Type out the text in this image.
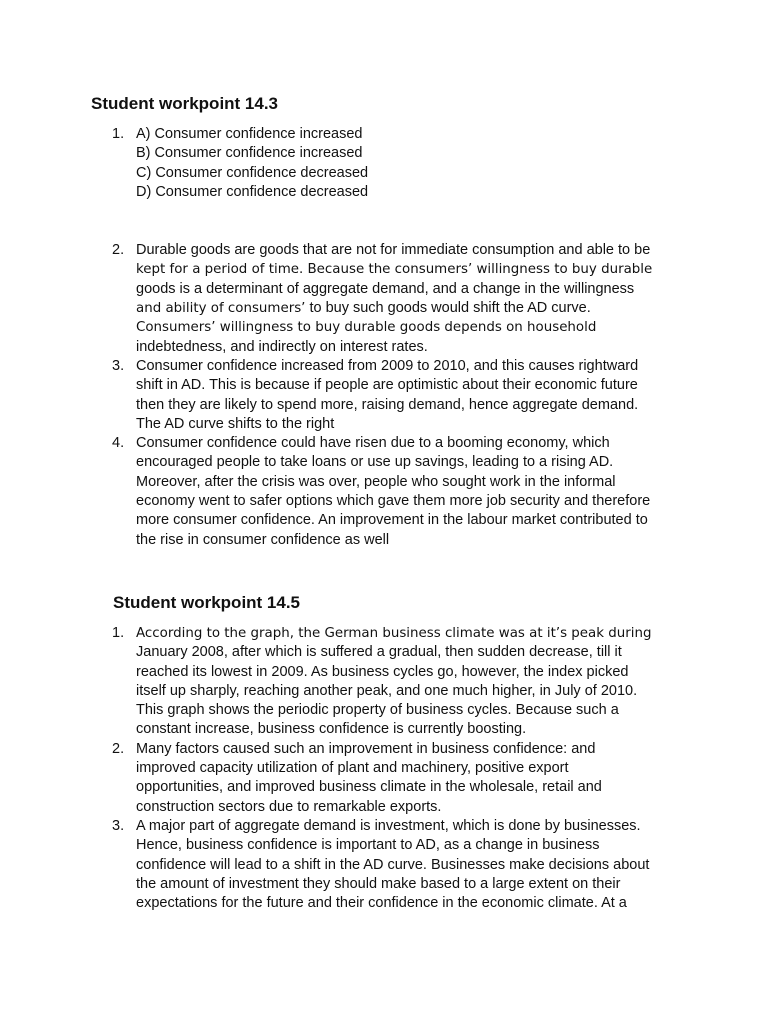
Student workpoint 14.3
1. A) Consumer confidence increased
B) Consumer confidence increased
C) Consumer confidence decreased
D) Consumer confidence decreased
2. Durable goods are goods that are not for immediate consumption and able to be
kept for a period of time. Because the consumers’ willingness to buy durable
goods is a determinant of aggregate demand, and a change in the willingness
and ability of consumers’ to buy such goods would shift the AD curve.
Consumers’ willingness to buy durable goods depends on household
indebtedness, and indirectly on interest rates.
3. Consumer confidence increased from 2009 to 2010, and this causes rightward
shift in AD. This is because if people are optimistic about their economic future
then they are likely to spend more, raising demand, hence aggregate demand.
The AD curve shifts to the right
4. Consumer confidence could have risen due to a booming economy, which
encouraged people to take loans or use up savings, leading to a rising AD.
Moreover, after the crisis was over, people who sought work in the informal
economy went to safer options which gave them more job security and therefore
more consumer confidence. An improvement in the labour market contributed to
the rise in consumer confidence as well
Student workpoint 14.5
1. According to the graph, the German business climate was at it’s peak during
January 2008, after which is suffered a gradual, then sudden decrease, till it
reached its lowest in 2009. As business cycles go, however, the index picked
itself up sharply, reaching another peak, and one much higher, in July of 2010.
This graph shows the periodic property of business cycles. Because such a
constant increase, business confidence is currently boosting.
2. Many factors caused such an improvement in business confidence: and
improved capacity utilization of plant and machinery, positive export
opportunities, and improved business climate in the wholesale, retail and
construction sectors due to remarkable exports.
3. A major part of aggregate demand is investment, which is done by businesses.
Hence, business confidence is important to AD, as a change in business
confidence will lead to a shift in the AD curve. Businesses make decisions about
the amount of investment they should make based to a large extent on their
expectations for the future and their confidence in the economic climate. At a
